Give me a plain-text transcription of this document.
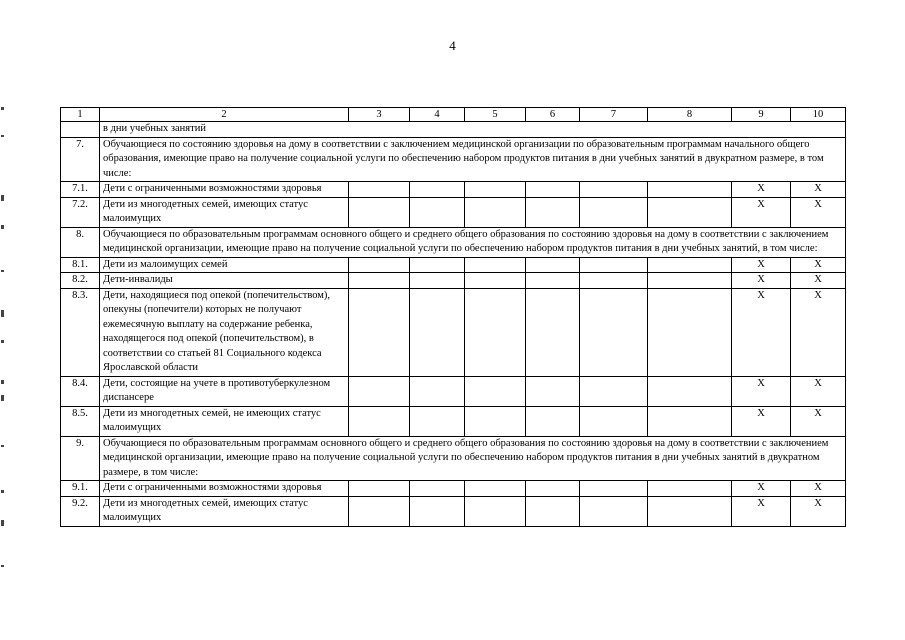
4
1	2	3	4	5	6	7	8	9	10
	в дни учебных занятий								
7.	Обучающиеся по состоянию здоровья на дому в соответствии с заключением медицинской организации по образовательным программам начального общего образования, имеющие право на получение социальной услуги по обеспечению набором продуктов питания в дни учебных занятий в двукратном размере, в том числе:								
7.1.	Дети с ограниченными возможностями здоровья							X	X
7.2.	Дети из многодетных семей, имеющих статус малоимущих							X	X
8.	Обучающиеся по образовательным программам основного общего и среднего общего образования по состоянию здоровья на дому в соответствии с заключением медицинской организации, имеющие право на получение социальной услуги по обеспечению набором продуктов питания в дни учебных занятий, в том числе:								
8.1.	Дети из малоимущих семей							X	X
8.2.	Дети-инвалиды							X	X
8.3.	Дети, находящиеся под опекой (попечительством), опекуны (попечители) которых не получают ежемесячную выплату на содержание ребенка, находящегося под опекой (попечительством), в соответствии со статьей 81 Социального кодекса Ярославской области							X	X
8.4.	Дети, состоящие на учете в противотуберкулезном диспансере							X	X
8.5.	Дети из многодетных семей, не имеющих статус малоимущих							X	X
9.	Обучающиеся по образовательным программам основного общего и среднего общего образования по состоянию здоровья на дому в соответствии с заключением медицинской организации, имеющие право на получение социальной услуги по обеспечению набором продуктов питания в дни учебных занятий в двукратном размере, в том числе:								
9.1.	Дети с ограниченными возможностями здоровья							X	X
9.2.	Дети из многодетных семей, имеющих статус малоимущих							X	X
